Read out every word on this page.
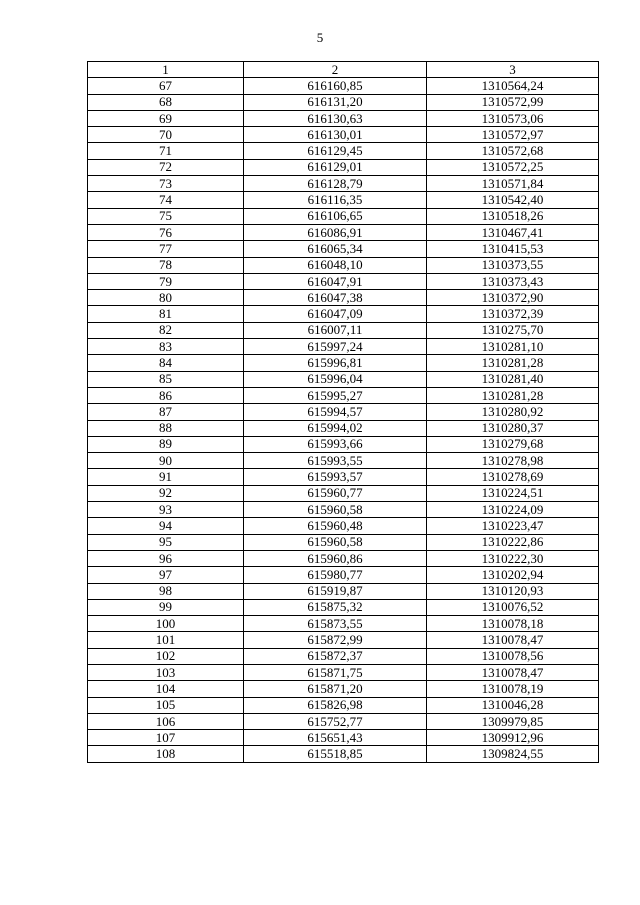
5
1	2	3
67	616160,85	1310564,24
68	616131,20	1310572,99
69	616130,63	1310573,06
70	616130,01	1310572,97
71	616129,45	1310572,68
72	616129,01	1310572,25
73	616128,79	1310571,84
74	616116,35	1310542,40
75	616106,65	1310518,26
76	616086,91	1310467,41
77	616065,34	1310415,53
78	616048,10	1310373,55
79	616047,91	1310373,43
80	616047,38	1310372,90
81	616047,09	1310372,39
82	616007,11	1310275,70
83	615997,24	1310281,10
84	615996,81	1310281,28
85	615996,04	1310281,40
86	615995,27	1310281,28
87	615994,57	1310280,92
88	615994,02	1310280,37
89	615993,66	1310279,68
90	615993,55	1310278,98
91	615993,57	1310278,69
92	615960,77	1310224,51
93	615960,58	1310224,09
94	615960,48	1310223,47
95	615960,58	1310222,86
96	615960,86	1310222,30
97	615980,77	1310202,94
98	615919,87	1310120,93
99	615875,32	1310076,52
100	615873,55	1310078,18
101	615872,99	1310078,47
102	615872,37	1310078,56
103	615871,75	1310078,47
104	615871,20	1310078,19
105	615826,98	1310046,28
106	615752,77	1309979,85
107	615651,43	1309912,96
108	615518,85	1309824,55
